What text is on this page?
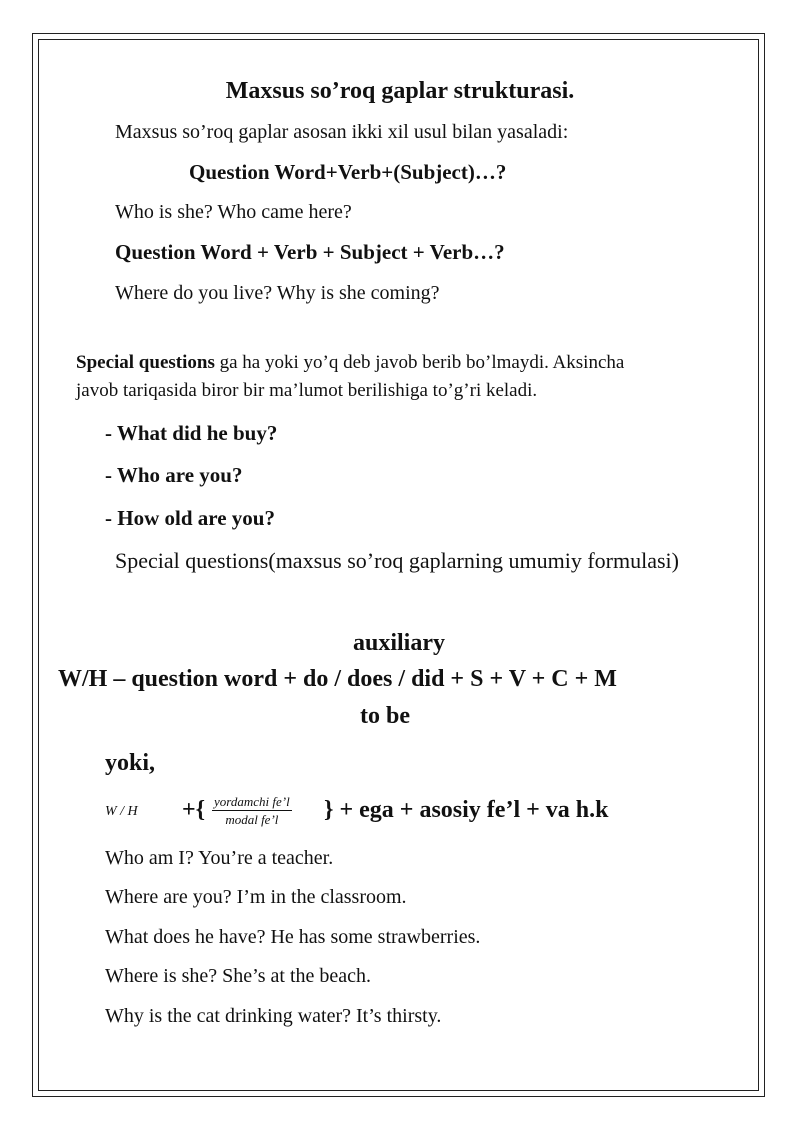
Maxsus so’roq gaplar strukturasi.

Maxsus so’roq gaplar asosan ikki xil usul bilan yasaladi:

Question Word+Verb+(Subject)…?

Who is she? Who came here?

Question Word + Verb + Subject + Verb…?

Where do you live? Why is she coming?

Special questions ga ha yoki yo’q deb javob berib bo’lmaydi. Aksincha

javob tariqasida biror bir ma’lumot berilishiga to’g’ri keladi.

- What did he buy?

- Who are you?

- How old are you?

Special questions(maxsus so’roq gaplarning umumiy formulasi)

auxiliary

W/H – question word + do / does / did + S + V + C + M

to be

yoki,

W / H +{ yordamchi fe’l
modal fe’l } + ega + asosiy fe’l + va h.k

Who am I? You’re a teacher.

Where are you? I’m in the classroom.

What does he have? He has some strawberries.

Where is she? She’s at the beach.

Why is the cat drinking water? It’s thirsty.
